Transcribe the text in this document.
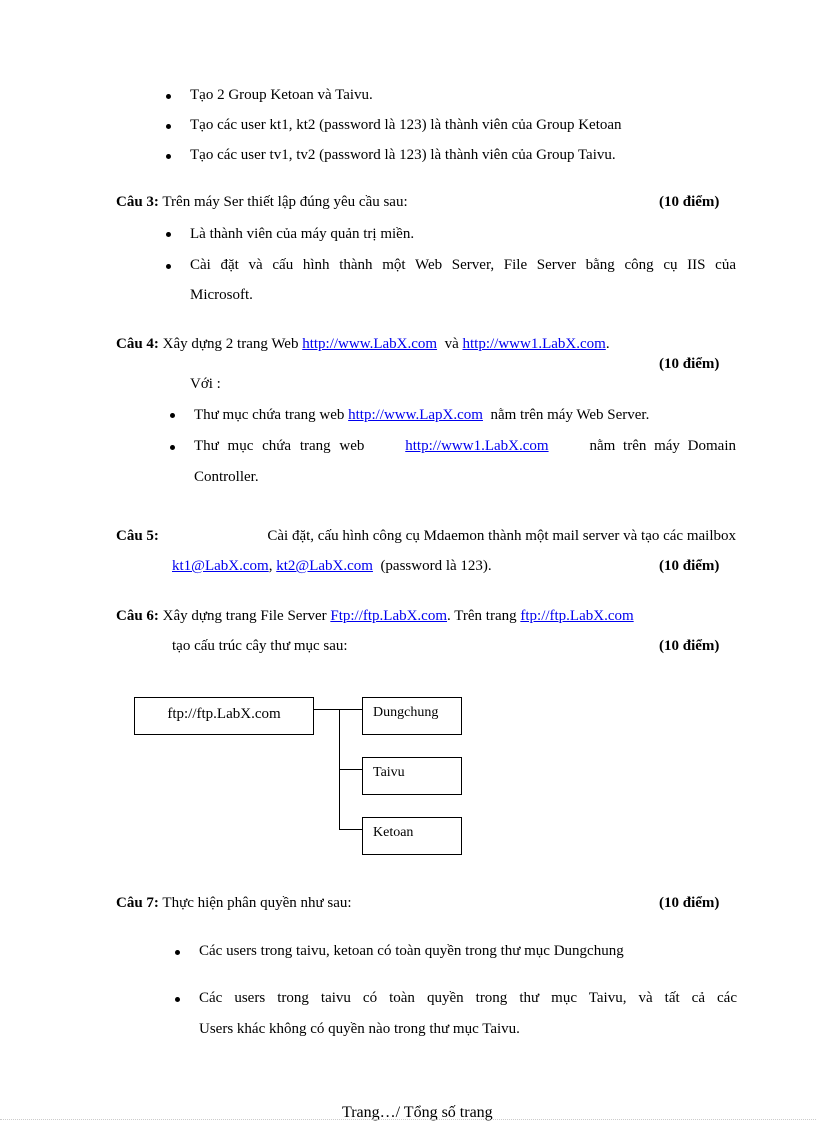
Tạo 2 Group Ketoan và Taivu.
Tạo các user kt1, kt2 (password là 123) là thành viên của Group Ketoan
Tạo các user tv1, tv2 (password là 123) là thành viên của Group Taivu.
Câu 3: Trên máy Ser thiết lập đúng yêu cầu sau:	(10 điểm)
Là thành viên của máy quản trị miền.
Cài đặt và cấu hình thành một Web Server, File Server bằng công cụ IIS của
Microsoft.
Câu 4: Xây dựng 2 trang Web http://www.LabX.com và http://www1.LabX.com.
(10 điểm)
Với :
Thư mục chứa trang web http://www.LapX.com nằm trên máy Web Server.
Thư mục chứa trang web	http://www1.LabX.com	nằm trên máy Domain
Controller.
Câu 5:	Cài đặt, cấu hình công cụ Mdaemon thành một mail server và tạo các mailbox
kt1@LabX.com, kt2@LabX.com (password là 123).	(10 điểm)
Câu 6: Xây dựng trang File Server Ftp://ftp.LabX.com. Trên trang ftp://ftp.LabX.com
tạo cấu trúc cây thư mục sau:	(10 điểm)
ftp://ftp.LabX.com	Dungchung
Taivu
Ketoan
Câu 7: Thực hiện phân quyền như sau:	(10 điểm)
Các users trong taivu, ketoan có toàn quyền trong thư mục Dungchung
Các users trong taivu có toàn quyền trong thư mục Taivu, và tất cả các
Users khác không có quyền nào trong thư mục Taivu.
Trang…/ Tổng số trang
